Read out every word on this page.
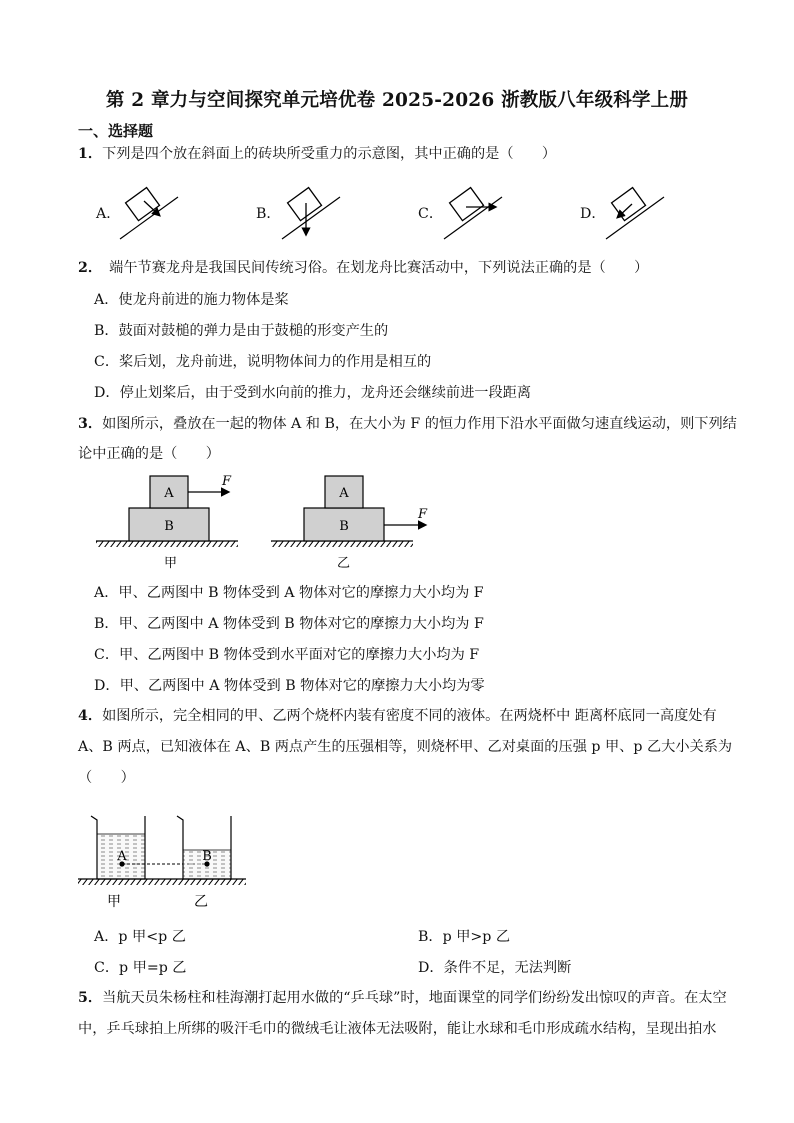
第 2 章力与空间探究单元培优卷 2025-2026 浙教版八年级科学上册
一、选择题
1．下列是四个放在斜面上的砖块所受重力的示意图，其中正确的是（　　）
A．	B．	C．	D．
2．　端午节赛龙舟是我国民间传统习俗。在划龙舟比赛活动中，下列说法正确的是（　　）
A．使龙舟前进的施力物体是桨
B．鼓面对鼓槌的弹力是由于鼓槌的形变产生的
C．桨后划，龙舟前进，说明物体间力的作用是相互的
D．停止划桨后，由于受到水向前的推力，龙舟还会继续前进一段距离
3．如图所示，叠放在一起的物体 A 和 B，在大小为 F 的恒力作用下沿水平面做匀速直线运动，则下列结
论中正确的是（　　）
A
B
F
甲
A
B
F
乙
A．甲、乙两图中 B 物体受到 A 物体对它的摩擦力大小均为 F
B．甲、乙两图中 A 物体受到 B 物体对它的摩擦力大小均为 F
C．甲、乙两图中 B 物体受到水平面对它的摩擦力大小均为 F
D．甲、乙两图中 A 物体受到 B 物体对它的摩擦力大小均为零
4．如图所示，完全相同的甲、乙两个烧杯内装有密度不同的液体。在两烧杯中 距离杯底同一高度处有
A、B 两点，已知液体在 A、B 两点产生的压强相等，则烧杯甲、乙对桌面的压强 p 甲、p 乙大小关系为
（　　）
A	B
甲	乙
A．p 甲<p 乙	B．p 甲>p 乙
C．p 甲=p 乙	D．条件不足，无法判断
5．当航天员朱杨柱和桂海潮打起用水做的“乒乓球”时，地面课堂的同学们纷纷发出惊叹的声音。在太空
中，乒乓球拍上所绑的吸汗毛巾的微绒毛让液体无法吸附，能让水球和毛巾形成疏水结构，呈现出拍水
